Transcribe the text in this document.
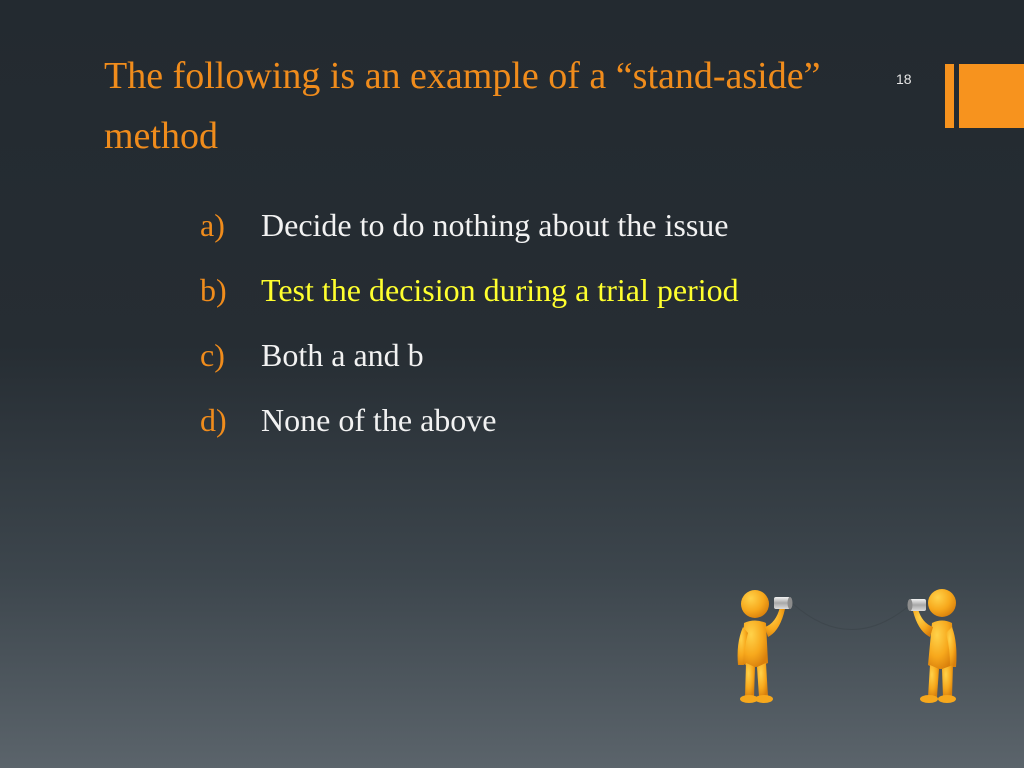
The following is an example of a “stand-aside” method
18
a)	Decide to do nothing about the issue
b)	Test the decision during a trial period
c)	Both a and b
d)	None of the above
